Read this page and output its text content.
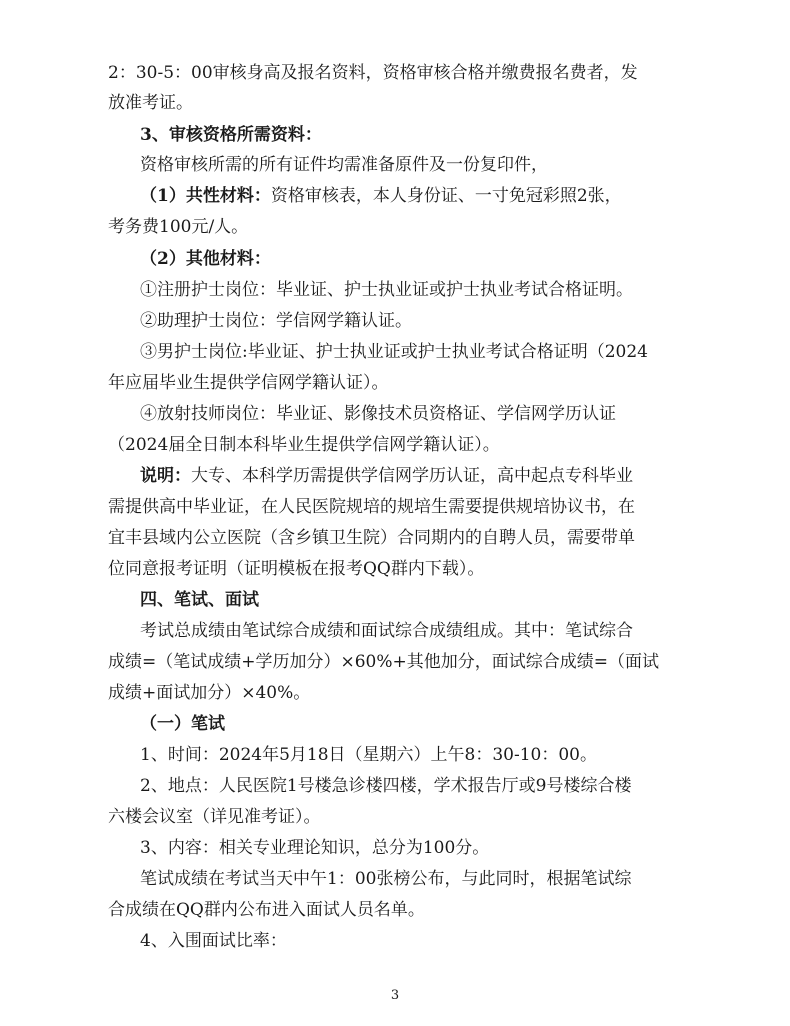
2：30-5：00审核身高及报名资料，资格审核合格并缴费报名费者，发
放准考证。
3、审核资格所需资料：
资格审核所需的所有证件均需准备原件及一份复印件，
（1）共性材料：资格审核表，本人身份证、一寸免冠彩照2张，
考务费100元/人。
（2）其他材料：
①注册护士岗位：毕业证、护士执业证或护士执业考试合格证明。
②助理护士岗位：学信网学籍认证。
③男护士岗位:毕业证、护士执业证或护士执业考试合格证明（2024
年应届毕业生提供学信网学籍认证）。
④放射技师岗位：毕业证、影像技术员资格证、学信网学历认证
（2024届全日制本科毕业生提供学信网学籍认证）。
说明：大专、本科学历需提供学信网学历认证，高中起点专科毕业
需提供高中毕业证，在人民医院规培的规培生需要提供规培协议书，在
宜丰县域内公立医院（含乡镇卫生院）合同期内的自聘人员，需要带单
位同意报考证明（证明模板在报考QQ群内下载）。
四、笔试、面试
考试总成绩由笔试综合成绩和面试综合成绩组成。其中：笔试综合
成绩=（笔试成绩+学历加分）×60%+其他加分，面试综合成绩=（面试
成绩+面试加分）×40%。
（一）笔试
1、时间：2024年5月18日（星期六）上午8：30-10：00。
2、地点：人民医院1号楼急诊楼四楼，学术报告厅或9号楼综合楼
六楼会议室（详见准考证）。
3、内容：相关专业理论知识，总分为100分。
笔试成绩在考试当天中午1：00张榜公布，与此同时，根据笔试综
合成绩在QQ群内公布进入面试人员名单。
4、入围面试比率：
3
